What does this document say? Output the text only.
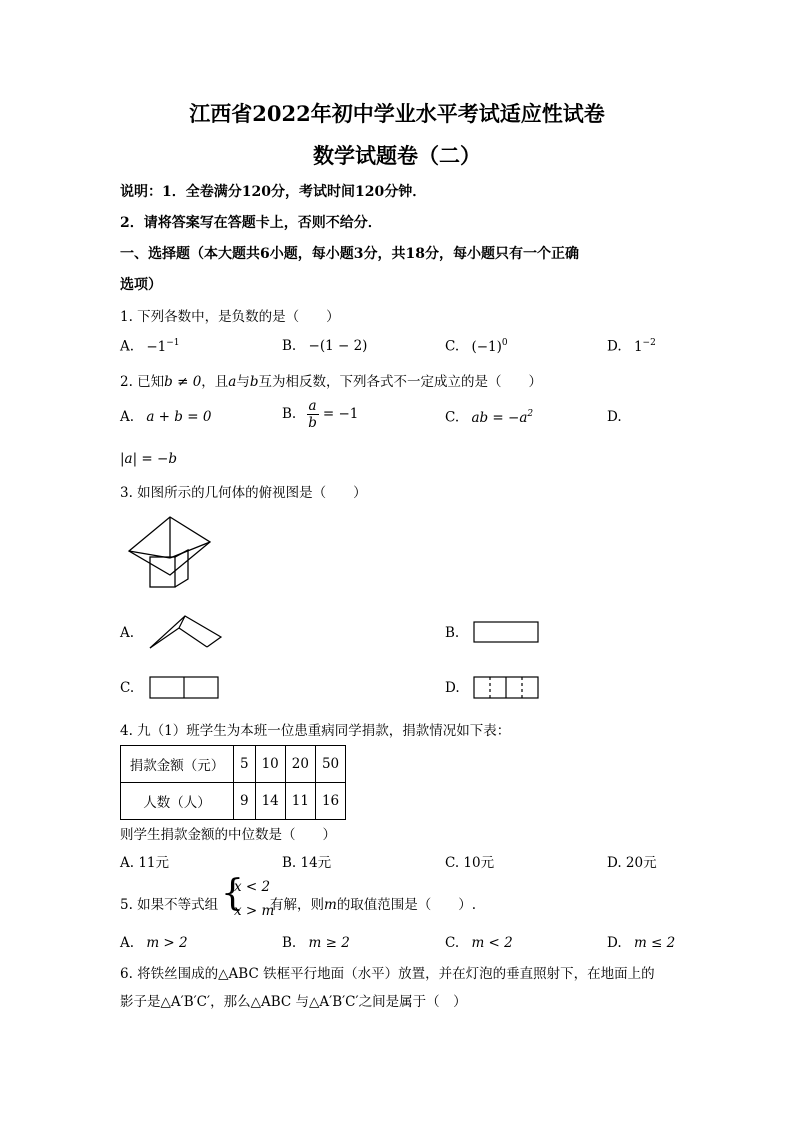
江西省2022年初中学业水平考试适应性试卷
数学试题卷（二）
说明：1．全卷满分120分，考试时间120分钟．
2．请将答案写在答题卡上，否则不给分．
一、选择题（本大题共6小题，每小题3分，共18分，每小题只有一个正确
选项）
1. 下列各数中，是负数的是（　　）
A. $-1^{-1}$	B. −(1 − 2)	C. $(-1)^0$	D. $1^{-2}$
2. 已知b ≠ 0，且a与b互为相反数，下列各式不一定成立的是（　　）
A. a + b = 0	B. $\frac{a}{b} = -1$	C. ab = $-a^2$	D.
|a| = −b
3. 如图所示的几何体的俯视图是（　　）
A.	B.
C.	D.
4. 九（1）班学生为本班一位患重病同学捐款，捐款情况如下表：
捐款金额（元）	5	10	20	50
人数（人）	9	14	11	16
则学生捐款金额的中位数是（　　）
A. 11元	B. 14元	C. 10元	D. 20元
5. 如果不等式组 {
x < 2
x > m
有解，则m的取值范围是（　　）.
A. m > 2	B. m ≥ 2	C. m < 2	D. m ≤ 2
6. 将铁丝围成的△ABC 铁框平行地面（水平）放置，并在灯泡的垂直照射下，在地面上的
影子是△A′B′C′，那么△ABC 与△A′B′C′之间是属于（　）
